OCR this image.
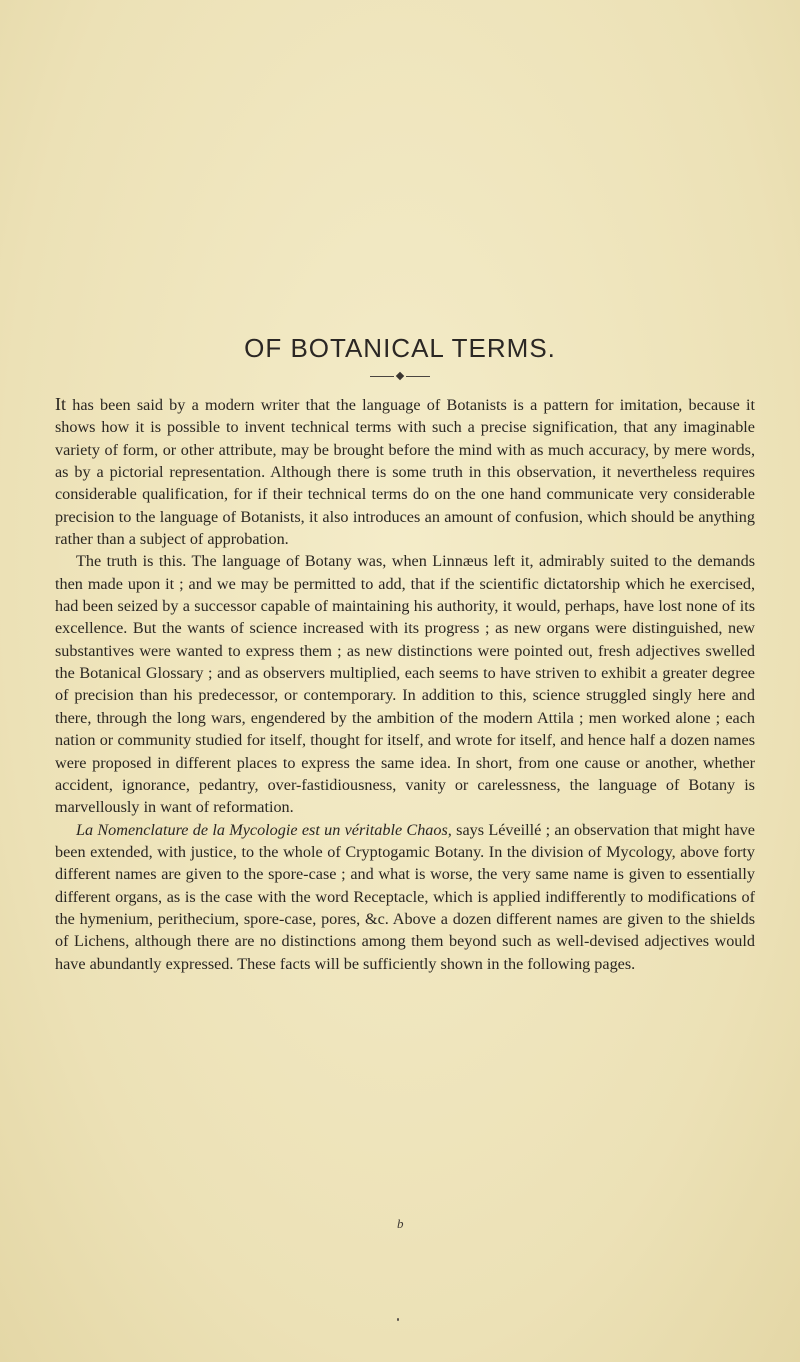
OF BOTANICAL TERMS.

It has been said by a modern writer that the language of Botanists is a pattern for imitation, because it shows how it is possible to invent technical terms with such a precise signification, that any imaginable variety of form, or other attribute, may be brought before the mind with as much accuracy, by mere words, as by a pictorial representation. Although there is some truth in this observation, it nevertheless requires considerable qualification, for if their technical terms do on the one hand communicate very considerable precision to the language of Botanists, it also introduces an amount of confusion, which should be anything rather than a subject of approbation.

The truth is this. The language of Botany was, when Linnæus left it, admirably suited to the demands then made upon it ; and we may be permitted to add, that if the scientific dictatorship which he exercised, had been seized by a successor capable of maintaining his authority, it would, perhaps, have lost none of its excellence. But the wants of science increased with its progress ; as new organs were distinguished, new substantives were wanted to express them ; as new distinctions were pointed out, fresh adjectives swelled the Botanical Glossary ; and as observers multiplied, each seems to have striven to exhibit a greater degree of precision than his predecessor, or contemporary. In addition to this, science struggled singly here and there, through the long wars, engendered by the ambition of the modern Attila ; men worked alone ; each nation or community studied for itself, thought for itself, and wrote for itself, and hence half a dozen names were proposed in different places to express the same idea. In short, from one cause or another, whether accident, ignorance, pedantry, over-fastidiousness, vanity or carelessness, the language of Botany is marvellously in want of reformation.

La Nomenclature de la Mycologie est un véritable Chaos, says Léveillé ; an observation that might have been extended, with justice, to the whole of Cryptogamic Botany. In the division of Mycology, above forty different names are given to the spore-case ; and what is worse, the very same name is given to essentially different organs, as is the case with the word Receptacle, which is applied indifferently to modifications of the hymenium, perithecium, spore-case, pores, &c. Above a dozen different names are given to the shields of Lichens, although there are no distinctions among them beyond such as well-devised adjectives would have abundantly expressed. These facts will be sufficiently shown in the following pages.

b
